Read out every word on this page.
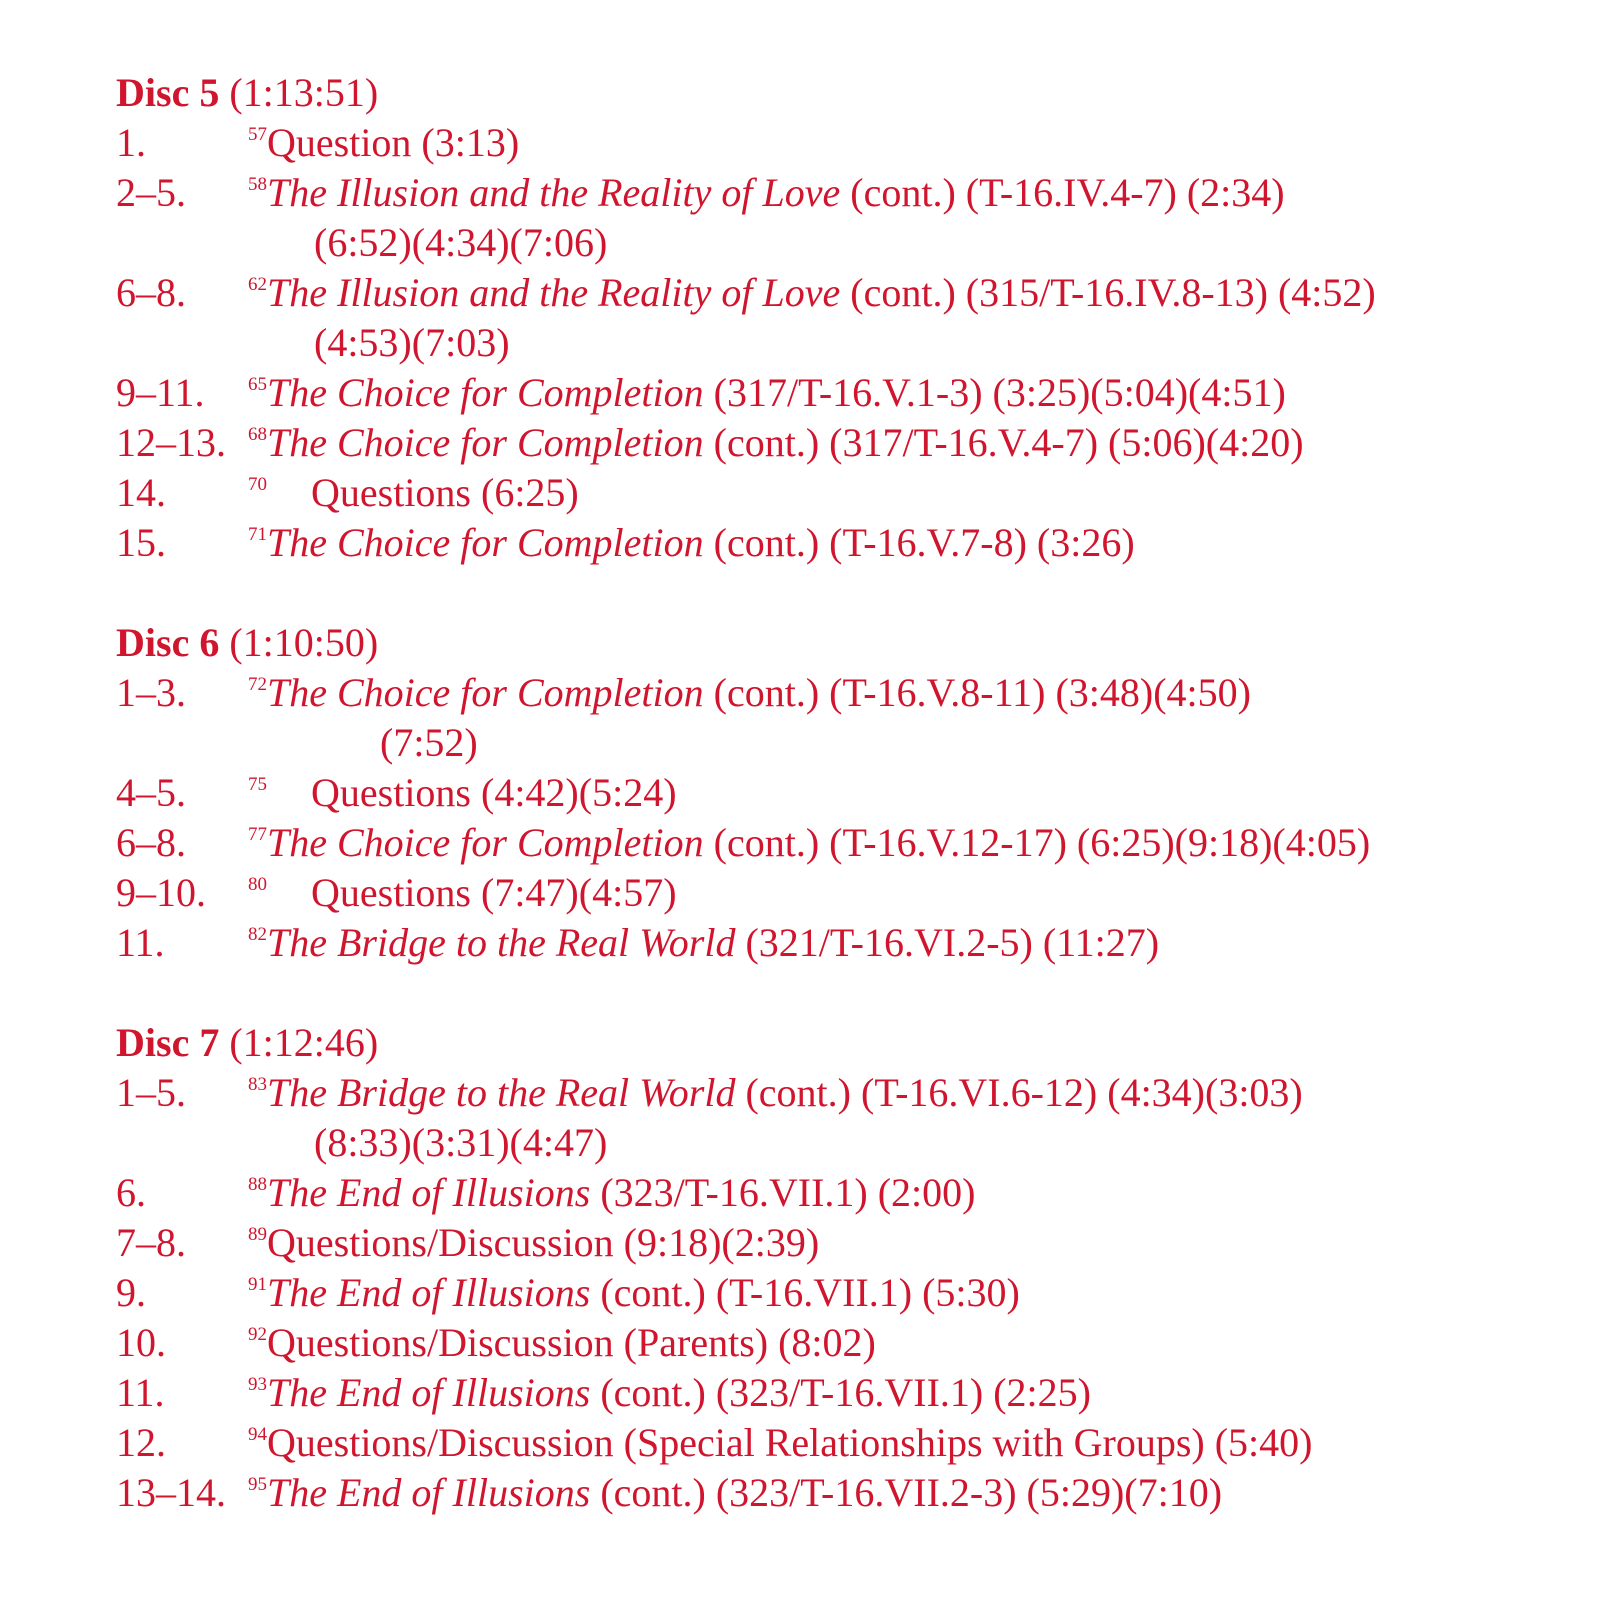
Disc 5 (1:13:51)
1.	$^{57}$Question (3:13)
2–5.	$^{58}$The Illusion and the Reality of Love (cont.) (T-16.IV.4-7) (2:34)
(6:52)(4:34)(7:06)
6–8.	$^{62}$The Illusion and the Reality of Love (cont.) (315/T-16.IV.8-13) (4:52)
(4:53)(7:03)
9–11.	$^{65}$The Choice for Completion (317/T-16.V.1-3) (3:25)(5:04)(4:51)
12–13.	$^{68}$The Choice for Completion (cont.) (317/T-16.V.4-7) (5:06)(4:20)
14.	$^{70}$ Questions (6:25)
15.	$^{71}$The Choice for Completion (cont.) (T-16.V.7-8) (3:26)
Disc 6 (1:10:50)
1–3.	$^{72}$The Choice for Completion (cont.) (T-16.V.8-11) (3:48)(4:50)
(7:52)
4–5.	$^{75}$ Questions (4:42)(5:24)
6–8.	$^{77}$The Choice for Completion (cont.) (T-16.V.12-17) (6:25)(9:18)(4:05)
9–10.	$^{80}$ Questions (7:47)(4:57)
11.	$^{82}$The Bridge to the Real World (321/T-16.VI.2-5) (11:27)
Disc 7 (1:12:46)
1–5.	$^{83}$The Bridge to the Real World (cont.) (T-16.VI.6-12) (4:34)(3:03)
(8:33)(3:31)(4:47)
6.	$^{88}$The End of Illusions (323/T-16.VII.1) (2:00)
7–8.	$^{89}$Questions/Discussion (9:18)(2:39)
9.	$^{91}$The End of Illusions (cont.) (T-16.VII.1) (5:30)
10.	$^{92}$Questions/Discussion (Parents) (8:02)
11.	$^{93}$The End of Illusions (cont.) (323/T-16.VII.1) (2:25)
12.	$^{94}$Questions/Discussion (Special Relationships with Groups) (5:40)
13–14.	$^{95}$The End of Illusions (cont.) (323/T-16.VII.2-3) (5:29)(7:10)
